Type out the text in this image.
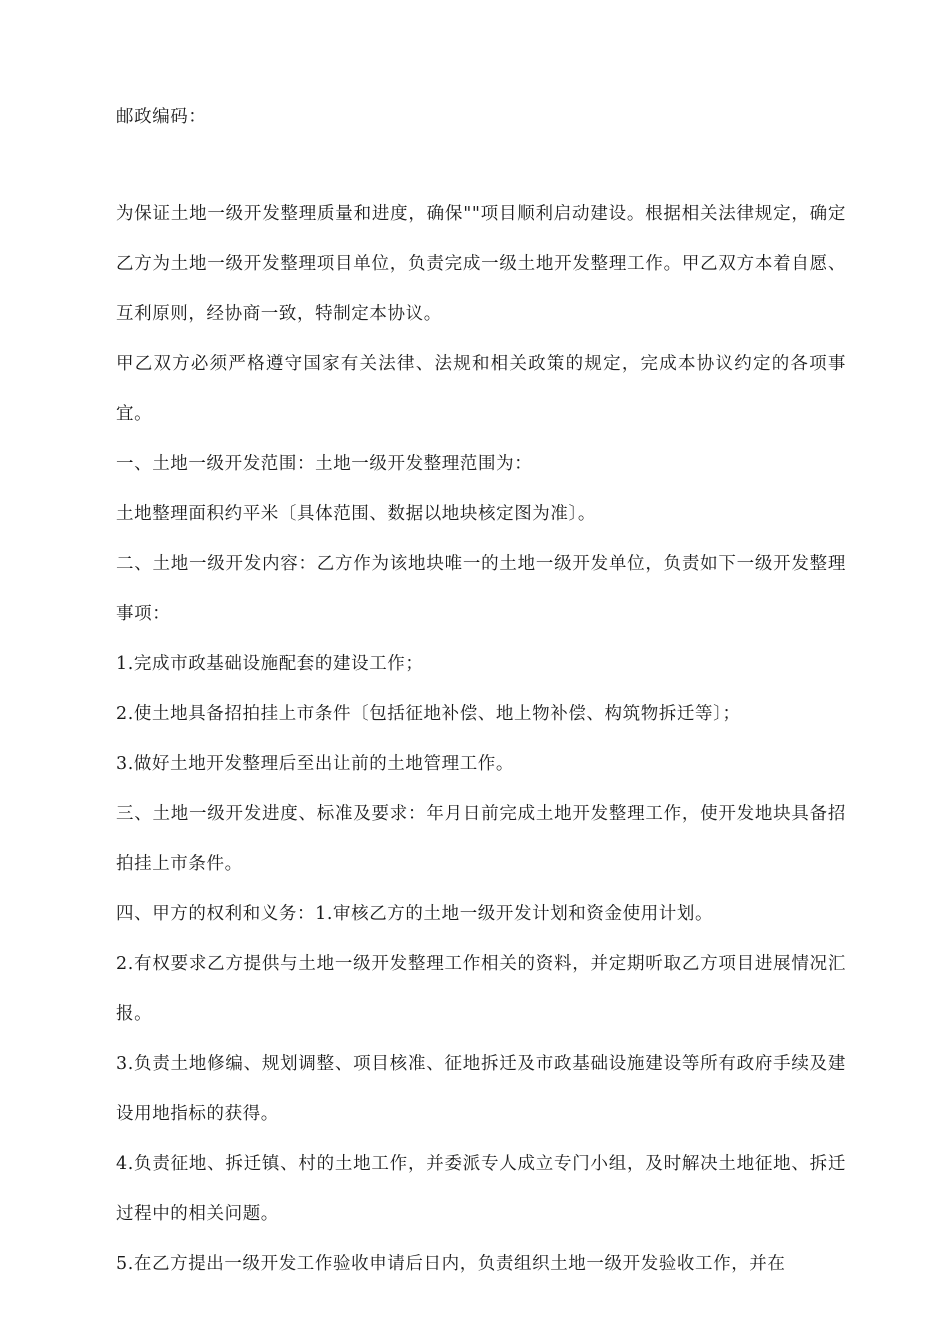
邮政编码：

为保证土地一级开发整理质量和进度，确保""项目顺利启动建设。根据相关法律规定，确定乙方为土地一级开发整理项目单位，负责完成一级土地开发整理工作。甲乙双方本着自愿、互利原则，经协商一致，特制定本协议。

甲乙双方必须严格遵守国家有关法律、法规和相关政策的规定，完成本协议约定的各项事宜。

一、土地一级开发范围：土地一级开发整理范围为：

土地整理面积约平米〔具体范围、数据以地块核定图为准〕。

二、土地一级开发内容：乙方作为该地块唯一的土地一级开发单位，负责如下一级开发整理事项：

1.完成市政基础设施配套的建设工作；

2.使土地具备招拍挂上市条件〔包括征地补偿、地上物补偿、构筑物拆迁等〕；

3.做好土地开发整理后至出让前的土地管理工作。

三、土地一级开发进度、标准及要求：年月日前完成土地开发整理工作，使开发地块具备招拍挂上市条件。

四、甲方的权利和义务：1.审核乙方的土地一级开发计划和资金使用计划。

2.有权要求乙方提供与土地一级开发整理工作相关的资料，并定期听取乙方项目进展情况汇报。

3.负责土地修编、规划调整、项目核准、征地拆迁及市政基础设施建设等所有政府手续及建设用地指标的获得。

4.负责征地、拆迁镇、村的土地工作，并委派专人成立专门小组，及时解决土地征地、拆迁过程中的相关问题。

5.在乙方提出一级开发工作验收申请后日内，负责组织土地一级开发验收工作，并在
